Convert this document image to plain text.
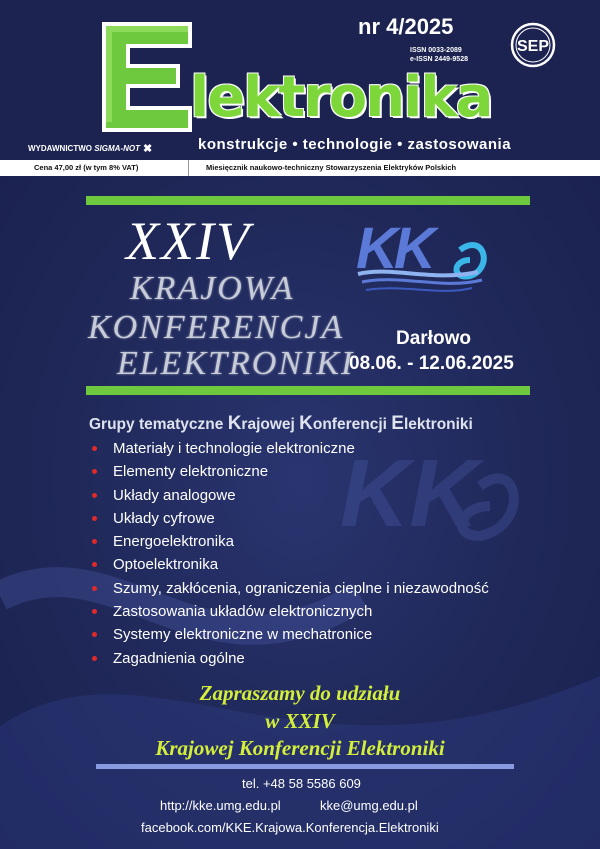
lektronika
nr 4/2025
ISSN 0033-2089
e-ISSN 2449-9528
SEP
WYDAWNICTWO SIGMA-NOT ✖	konstrukcje • technologie • zastosowania
Cena 47,00 zł (w tym 8% VAT)	Miesięcznik naukowo-techniczny Stowarzyszenia Elektryków Polskich
KK
XXIV
KRAJOWA
KONFERENCJA
ELEKTRONIKI
KK
Darłowo
08.06. - 12.06.2025
Grupy tematyczne Krajowej Konferencji Elektroniki
Materiały i technologie elektroniczne
Elementy elektroniczne
Układy analogowe
Układy cyfrowe
Energoelektronika
Optoelektronika
Szumy, zakłócenia, ograniczenia cieplne i niezawodność
Zastosowania układów elektronicznych
Systemy elektroniczne w mechatronice
Zagadnienia ogólne
Zapraszamy do udziału
w XXIV
Krajowej Konferencji Elektroniki
tel. +48 58 5586 609
http://kke.umg.edu.pl	kke@umg.edu.pl
facebook.com/KKE.Krajowa.Konferencja.Elektroniki
